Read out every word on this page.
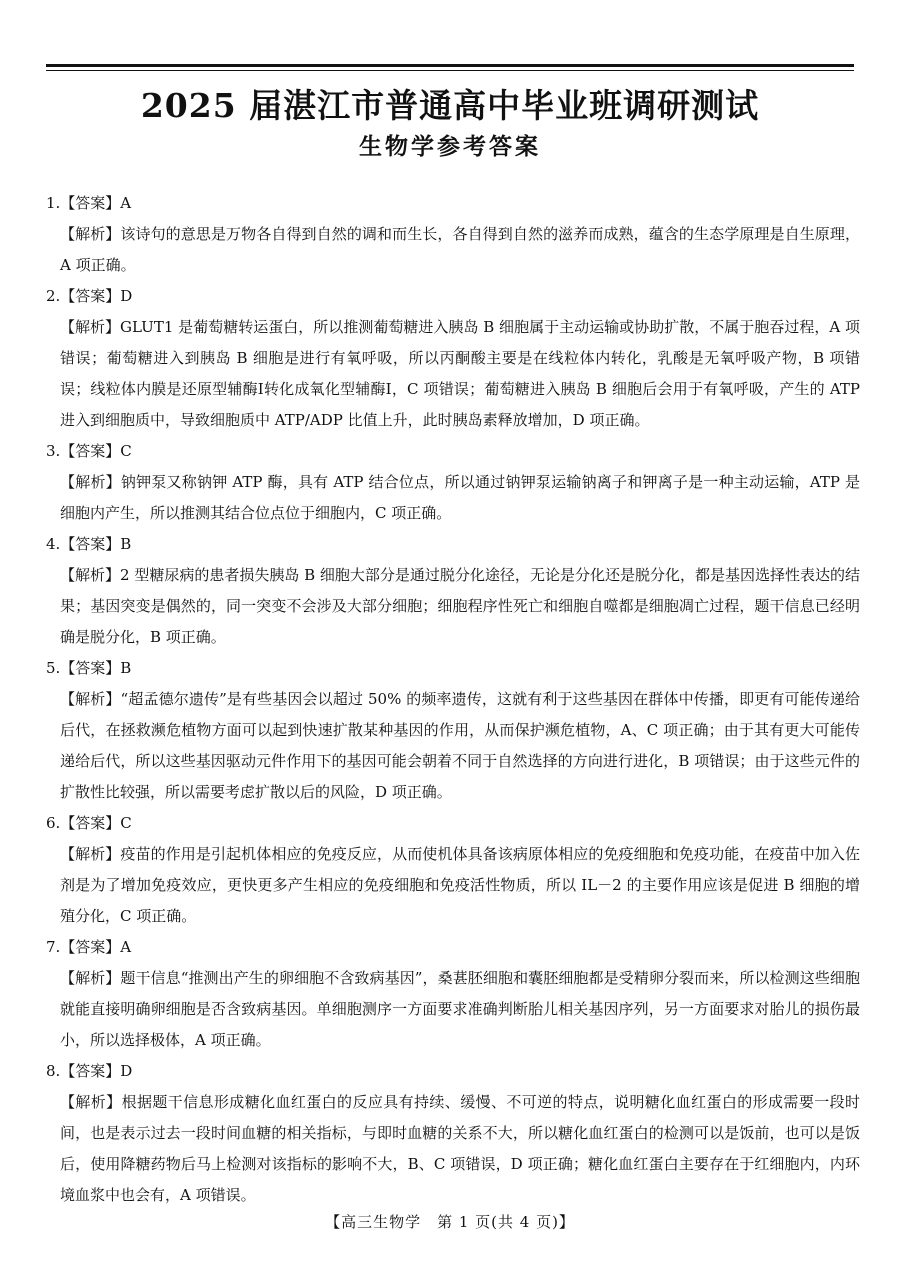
2025 届湛江市普通高中毕业班调研测试
生物学参考答案
1.【答案】A
【解析】该诗句的意思是万物各自得到自然的调和而生长，各自得到自然的滋养而成熟，蕴含的生态学原理是自生原理，A 项正确。
2.【答案】D
【解析】GLUT1 是葡萄糖转运蛋白，所以推测葡萄糖进入胰岛 B 细胞属于主动运输或协助扩散，不属于胞吞过程，A 项错误；葡萄糖进入到胰岛 B 细胞是进行有氧呼吸，所以丙酮酸主要是在线粒体内转化，乳酸是无氧呼吸产物，B 项错误；线粒体内膜是还原型辅酶Ⅰ转化成氧化型辅酶Ⅰ，C 项错误；葡萄糖进入胰岛 B 细胞后会用于有氧呼吸，产生的 ATP 进入到细胞质中，导致细胞质中 ATP/ADP 比值上升，此时胰岛素释放增加，D 项正确。
3.【答案】C
【解析】钠钾泵又称钠钾 ATP 酶，具有 ATP 结合位点，所以通过钠钾泵运输钠离子和钾离子是一种主动运输，ATP 是细胞内产生，所以推测其结合位点位于细胞内，C 项正确。
4.【答案】B
【解析】2 型糖尿病的患者损失胰岛 B 细胞大部分是通过脱分化途径，无论是分化还是脱分化，都是基因选择性表达的结果；基因突变是偶然的，同一突变不会涉及大部分细胞；细胞程序性死亡和细胞自噬都是细胞凋亡过程，题干信息已经明确是脱分化，B 项正确。
5.【答案】B
【解析】“超孟德尔遗传”是有些基因会以超过 50% 的频率遗传，这就有利于这些基因在群体中传播，即更有可能传递给后代，在拯救濒危植物方面可以起到快速扩散某种基因的作用，从而保护濒危植物，A、C 项正确；由于其有更大可能传递给后代，所以这些基因驱动元件作用下的基因可能会朝着不同于自然选择的方向进行进化，B 项错误；由于这些元件的扩散性比较强，所以需要考虑扩散以后的风险，D 项正确。
6.【答案】C
【解析】疫苗的作用是引起机体相应的免疫反应，从而使机体具备该病原体相应的免疫细胞和免疫功能，在疫苗中加入佐剂是为了增加免疫效应，更快更多产生相应的免疫细胞和免疫活性物质，所以 IL－2 的主要作用应该是促进 B 细胞的增殖分化，C 项正确。
7.【答案】A
【解析】题干信息“推测出产生的卵细胞不含致病基因”，桑葚胚细胞和囊胚细胞都是受精卵分裂而来，所以检测这些细胞就能直接明确卵细胞是否含致病基因。单细胞测序一方面要求准确判断胎儿相关基因序列，另一方面要求对胎儿的损伤最小，所以选择极体，A 项正确。
8.【答案】D
【解析】根据题干信息形成糖化血红蛋白的反应具有持续、缓慢、不可逆的特点，说明糖化血红蛋白的形成需要一段时间，也是表示过去一段时间血糖的相关指标，与即时血糖的关系不大，所以糖化血红蛋白的检测可以是饭前，也可以是饭后，使用降糖药物后马上检测对该指标的影响不大，B、C 项错误，D 项正确；糖化血红蛋白主要存在于红细胞内，内环境血浆中也会有，A 项错误。
【高三生物学　第 1 页(共 4 页)】
